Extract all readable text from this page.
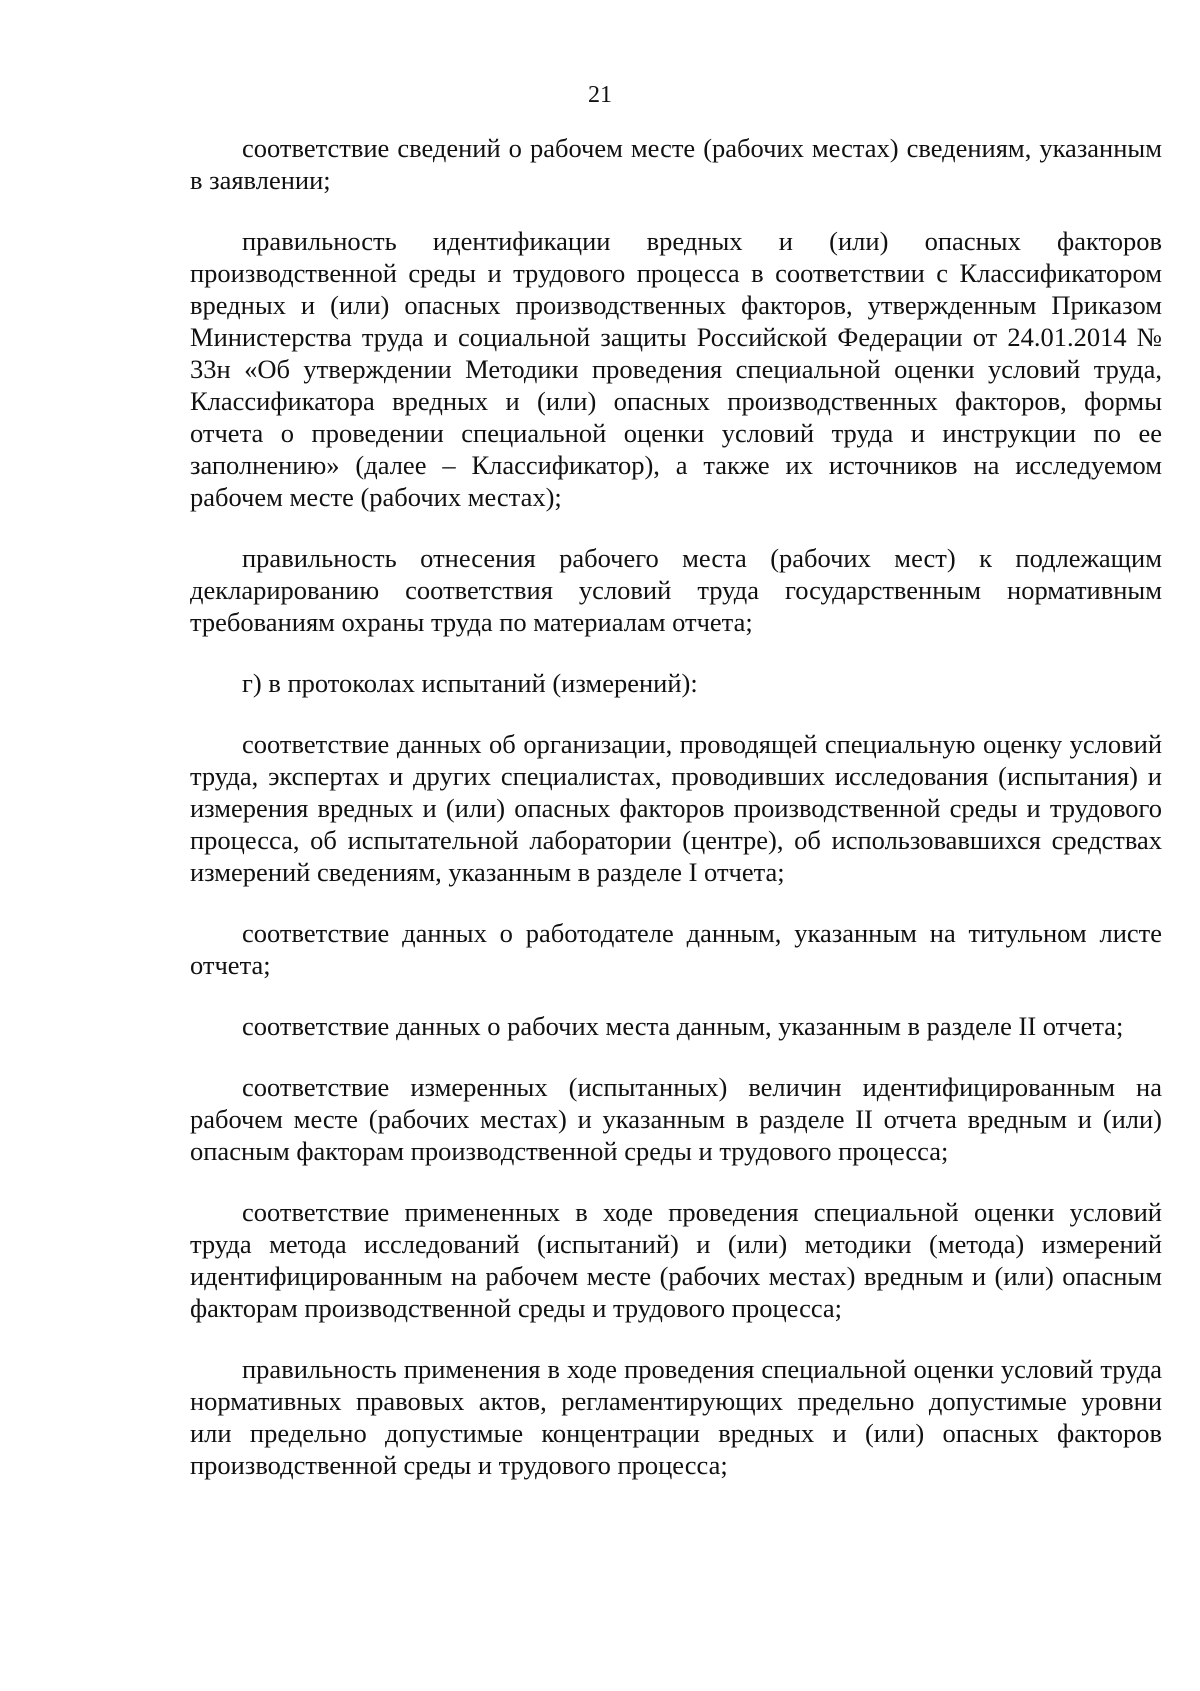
21

соответствие сведений о рабочем месте (рабочих местах) сведениям, указанным в заявлении;

правильность идентификации вредных и (или) опасных факторов производственной среды и трудового процесса в соответствии с Классификатором вредных и (или) опасных производственных факторов, утвержденным Приказом Министерства труда и социальной защиты Российской Федерации от 24.01.2014 № 33н «Об утверждении Методики проведения специальной оценки условий труда, Классификатора вредных и (или) опасных производственных факторов, формы отчета о проведении специальной оценки условий труда и инструкции по ее заполнению» (далее – Классификатор), а также их источников на исследуемом рабочем месте (рабочих местах);

правильность отнесения рабочего места (рабочих мест) к подлежащим декларированию соответствия условий труда государственным нормативным требованиям охраны труда по материалам отчета;

г) в протоколах испытаний (измерений):

соответствие данных об организации, проводящей специальную оценку условий труда, экспертах и других специалистах, проводивших исследования (испытания) и измерения вредных и (или) опасных факторов производственной среды и трудового процесса, об испытательной лаборатории (центре), об использовавшихся средствах измерений сведениям, указанным в разделе I отчета;

соответствие данных о работодателе данным, указанным на титульном листе отчета;

соответствие данных о рабочих места данным, указанным в разделе II отчета;

соответствие измеренных (испытанных) величин идентифицированным на рабочем месте (рабочих местах) и указанным в разделе II отчета вредным и (или) опасным факторам производственной среды и трудового процесса;

соответствие примененных в ходе проведения специальной оценки условий труда метода исследований (испытаний) и (или) методики (метода) измерений идентифицированным на рабочем месте (рабочих местах) вредным и (или) опасным факторам производственной среды и трудового процесса;

правильность применения в ходе проведения специальной оценки условий труда нормативных правовых актов, регламентирующих предельно допустимые уровни или предельно допустимые концентрации вредных и (или) опасных факторов производственной среды и трудового процесса;
